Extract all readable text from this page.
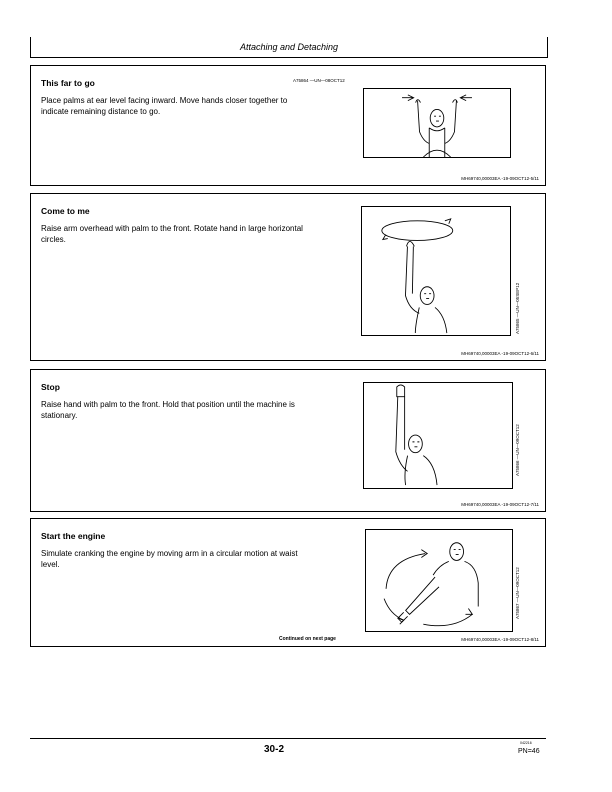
Attaching and Detaching
This far to go
Place palms at ear level facing inward. Move hands closer together to indicate remaining distance to go.
A75864 —UN—08OCT12
MH69740,00003EA -19-09OCT12-5/11
Come to me
Raise arm overhead with palm to the front. Rotate hand in large horizontal circles.
A75865 —UN—05SEP12
MH69740,00003EA -19-09OCT12-6/11
Stop
Raise hand with palm to the front. Hold that position until the machine is stationary.
A75866 —UN—09OCT12
MH69740,00003EA -19-09OCT12-7/11
Start the engine
Simulate cranking the engine by moving arm in a circular motion at waist level.
A75867 —UN—09OCT12
Continued on next page	MH69740,00003EA -19-09OCT12-8/11
30-2
042216
PN=46
